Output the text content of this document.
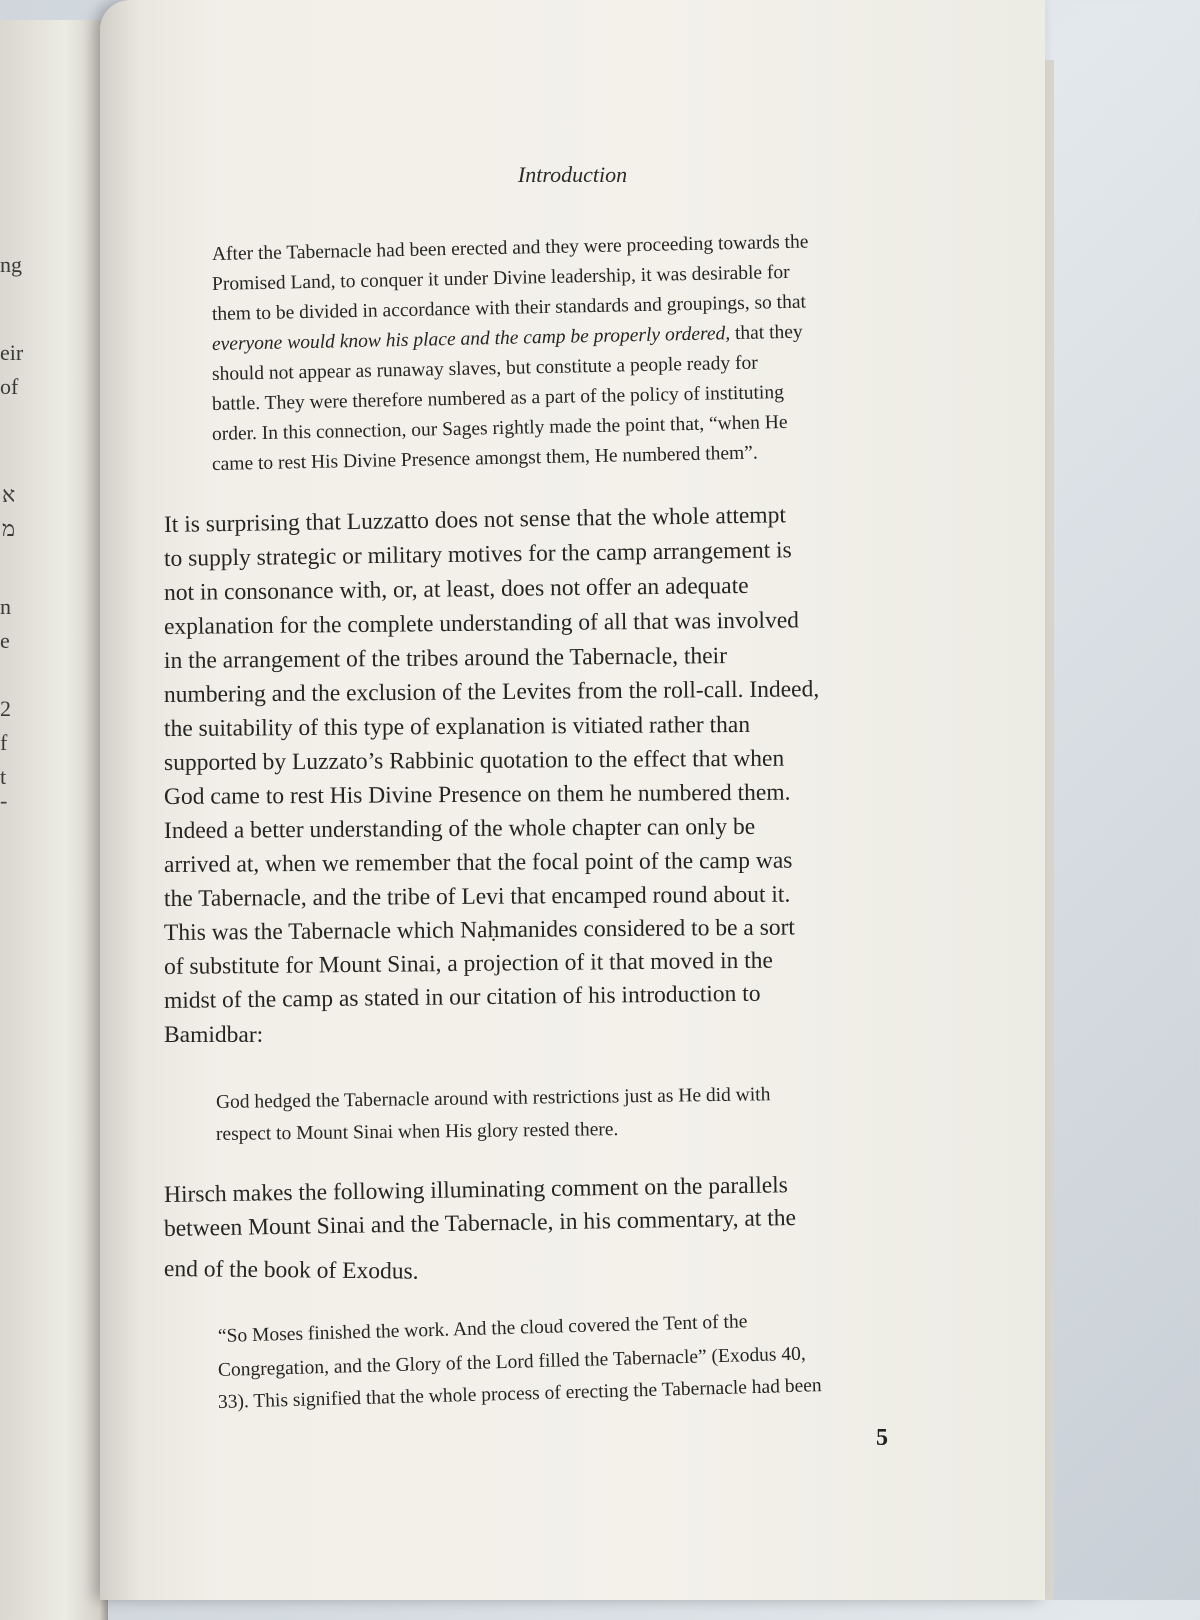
ng
eir
of
א
מ
n
e
2
f
t
-
Introduction
After the Tabernacle had been erected and they were proceeding towards the
Promised Land, to conquer it under Divine leadership, it was desirable for
them to be divided in accordance with their standards and groupings, so that
everyone would know his place and the camp be properly ordered, that they
should not appear as runaway slaves, but constitute a people ready for
battle. They were therefore numbered as a part of the policy of instituting
order. In this connection, our Sages rightly made the point that, “when He
came to rest His Divine Presence amongst them, He numbered them”.
It is surprising that Luzzatto does not sense that the whole attempt
to supply strategic or military motives for the camp arrangement is
not in consonance with, or, at least, does not offer an adequate
explanation for the complete understanding of all that was involved
in the arrangement of the tribes around the Tabernacle, their
numbering and the exclusion of the Levites from the roll-call. Indeed,
the suitability of this type of explanation is vitiated rather than
supported by Luzzato’s Rabbinic quotation to the effect that when
God came to rest His Divine Presence on them he numbered them.
Indeed a better understanding of the whole chapter can only be
arrived at, when we remember that the focal point of the camp was
the Tabernacle, and the tribe of Levi that encamped round about it.
This was the Tabernacle which Naḥmanides considered to be a sort
of substitute for Mount Sinai, a projection of it that moved in the
midst of the camp as stated in our citation of his introduction to
Bamidbar:
God hedged the Tabernacle around with restrictions just as He did with
respect to Mount Sinai when His glory rested there.
Hirsch makes the following illuminating comment on the parallels
between Mount Sinai and the Tabernacle, in his commentary, at the
end of the book of Exodus.
“So Moses finished the work. And the cloud covered the Tent of the
Congregation, and the Glory of the Lord filled the Tabernacle” (Exodus 40,
33). This signified that the whole process of erecting the Tabernacle had been
5
